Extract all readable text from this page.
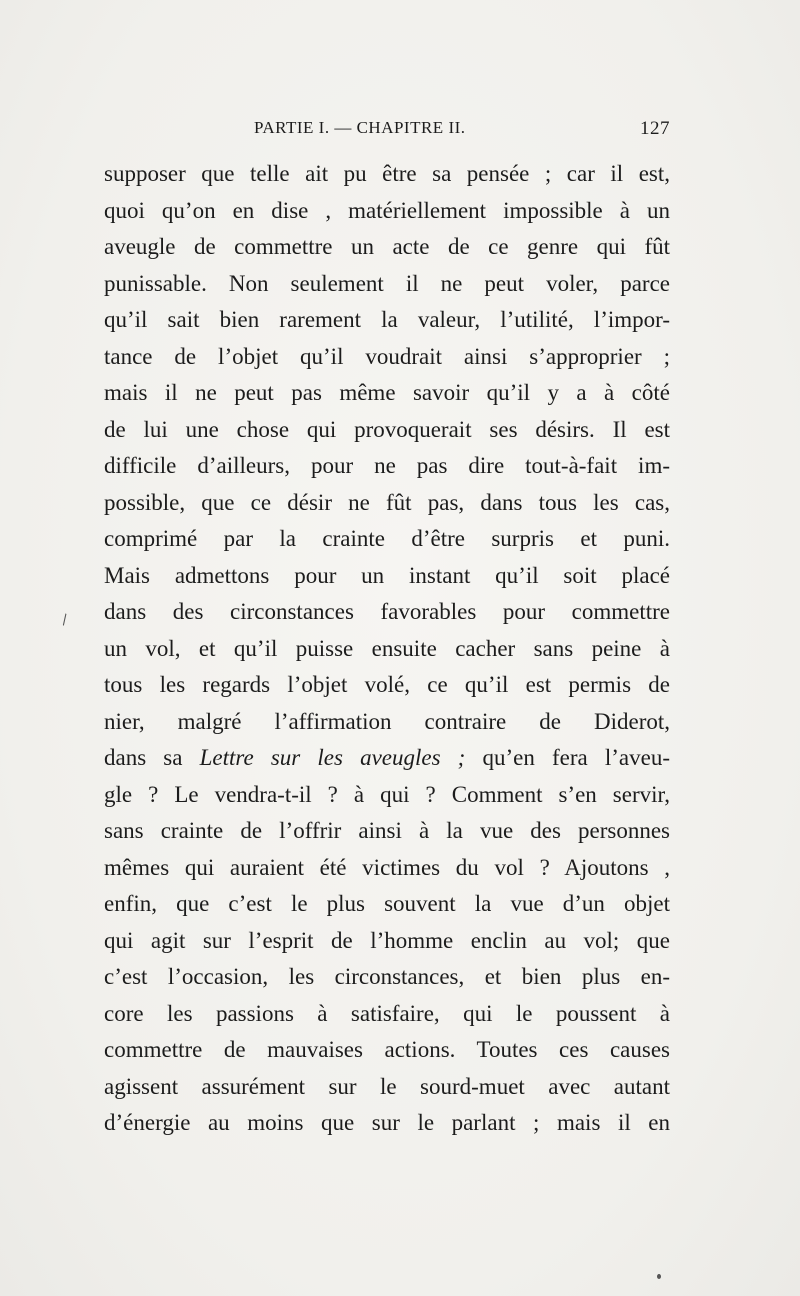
PARTIE I. — CHAPITRE II.	127
supposer que telle ait pu être sa pensée ; car il est,
quoi qu’on en dise , matériellement impossible à un
aveugle de commettre un acte de ce genre qui fût
punissable. Non seulement il ne peut voler, parce
qu’il sait bien rarement la valeur, l’utilité, l’impor-
tance de l’objet qu’il voudrait ainsi s’approprier ;
mais il ne peut pas même savoir qu’il y a à côté
de lui une chose qui provoquerait ses désirs. Il est
difficile d’ailleurs, pour ne pas dire tout-à-fait im-
possible, que ce désir ne fût pas, dans tous les cas,
comprimé par la crainte d’être surpris et puni.
Mais admettons pour un instant qu’il soit placé
dans des circonstances favorables pour commettre
un vol, et qu’il puisse ensuite cacher sans peine à
tous les regards l’objet volé, ce qu’il est permis de
nier, malgré l’affirmation contraire de Diderot,
dans sa Lettre sur les aveugles ; qu’en fera l’aveu-
gle ? Le vendra-t-il ? à qui ? Comment s’en servir,
sans crainte de l’offrir ainsi à la vue des personnes
mêmes qui auraient été victimes du vol ? Ajoutons ,
enfin, que c’est le plus souvent la vue d’un objet
qui agit sur l’esprit de l’homme enclin au vol; que
c’est l’occasion, les circonstances, et bien plus en-
core les passions à satisfaire, qui le poussent à
commettre de mauvaises actions. Toutes ces causes
agissent assurément sur le sourd-muet avec autant
d’énergie au moins que sur le parlant ; mais il en
\
